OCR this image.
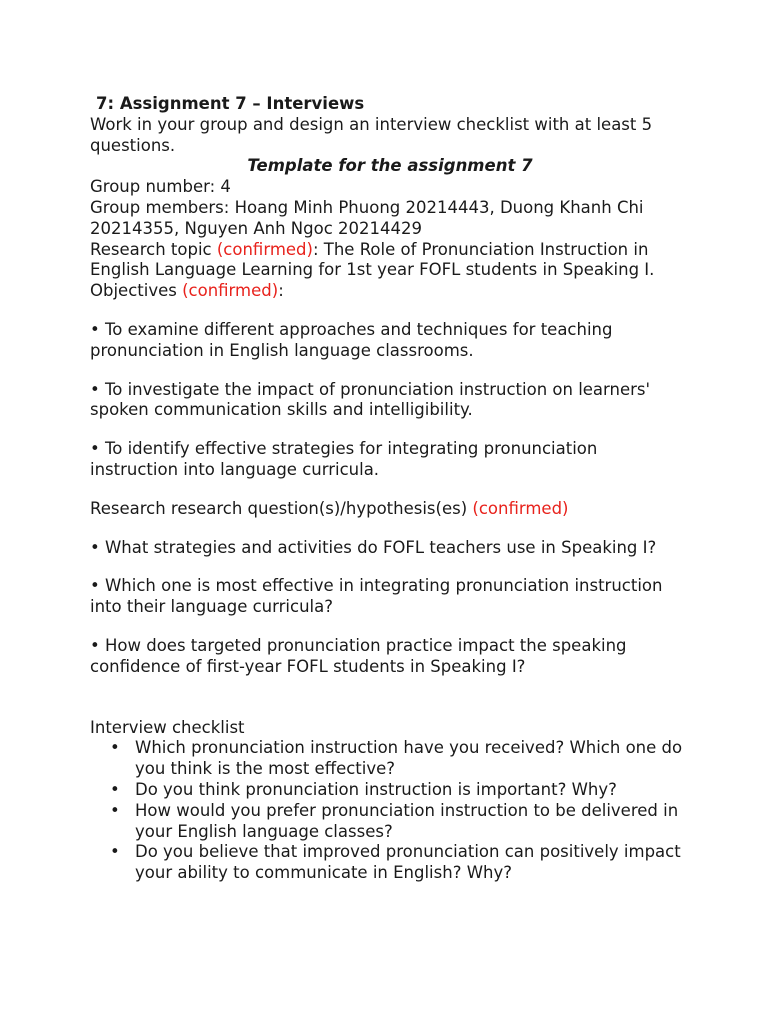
7: Assignment 7 – Interviews
Work in your group and design an interview checklist with at least 5 questions.
Template for the assignment 7
Group number: 4
Group members: Hoang Minh Phuong 20214443, Duong Khanh Chi 20214355, Nguyen Anh Ngoc 20214429
Research topic (confirmed): The Role of Pronunciation Instruction in English Language Learning for 1st year FOFL students in Speaking I.
Objectives (confirmed):
• To examine different approaches and techniques for teaching pronunciation in English language classrooms.
• To investigate the impact of pronunciation instruction on learners' spoken communication skills and intelligibility.
• To identify effective strategies for integrating pronunciation instruction into language curricula.
Research research question(s)/hypothesis(es) (confirmed)
• What strategies and activities do FOFL teachers use in Speaking I?
• Which one is most effective in integrating pronunciation instruction into their language curricula?
• How does targeted pronunciation practice impact the speaking confidence of first-year FOFL students in Speaking I?
Interview checklist
• Which pronunciation instruction have you received? Which one do you think is the most effective?
• Do you think pronunciation instruction is important? Why?
• How would you prefer pronunciation instruction to be delivered in your English language classes?
• Do you believe that improved pronunciation can positively impact your ability to communicate in English? Why?
